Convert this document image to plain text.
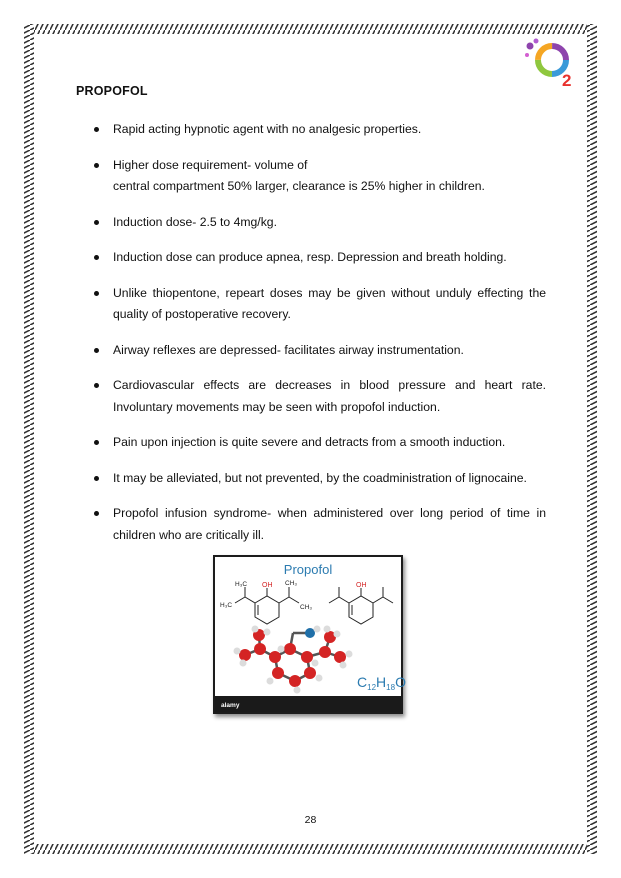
2
PROPOFOL
Rapid acting hypnotic agent with no analgesic properties.
Higher dose requirement- volume of
central compartment 50% larger, clearance is 25% higher in children.
Induction dose- 2.5 to 4mg/kg.
Induction dose can produce apnea, resp. Depression and breath holding.
Unlike thiopentone, repeart doses may be given without unduly effecting the quality of postoperative recovery.
Airway reflexes are depressed- facilitates airway instrumentation.
Cardiovascular effects are decreases in blood pressure and heart rate. Involuntary movements may be seen with propofol induction.
Pain upon injection is quite severe and detracts from a smooth induction.
It may be alleviated, but not prevented, by the coadministration of lignocaine.
Propofol infusion syndrome- when administered over long period of time in children who are critically ill.
Propofol
OH
H₃C
H₃C
CH₃
CH₃
OH
$C_{12}H_{18}O$
alamy
28
